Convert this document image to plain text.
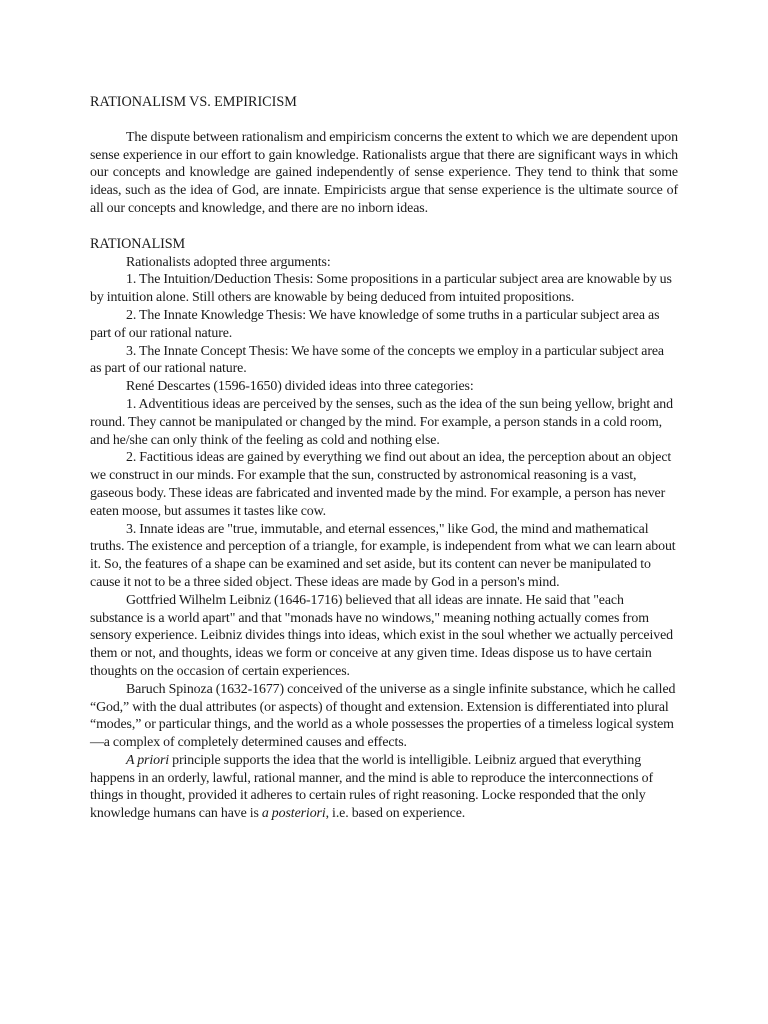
RATIONALISM VS. EMPIRICISM

The dispute between rationalism and empiricism concerns the extent to which we are dependent upon sense experience in our effort to gain knowledge. Rationalists argue that there are significant ways in which our concepts and knowledge are gained independently of sense experience. They tend to think that some ideas, such as the idea of God, are innate. Empiricists argue that sense experience is the ultimate source of all our concepts and knowledge, and there are no inborn ideas.

RATIONALISM

Rationalists adopted three arguments:

1. The Intuition/Deduction Thesis: Some propositions in a particular subject area are knowable by us by intuition alone. Still others are knowable by being deduced from intuited propositions.

2. The Innate Knowledge Thesis: We have knowledge of some truths in a particular subject area as part of our rational nature.

3. The Innate Concept Thesis: We have some of the concepts we employ in a particular subject area as part of our rational nature.

René Descartes (1596-1650) divided ideas into three categories:

1. Adventitious ideas are perceived by the senses, such as the idea of the sun being yellow, bright and round. They cannot be manipulated or changed by the mind. For example, a person stands in a cold room, and he/she can only think of the feeling as cold and nothing else.

2. Factitious ideas are gained by everything we find out about an idea, the perception about an object we construct in our minds. For example that the sun, constructed by astronomical reasoning is a vast, gaseous body. These ideas are fabricated and invented made by the mind. For example, a person has never eaten moose, but assumes it tastes like cow.

3. Innate ideas are "true, immutable, and eternal essences," like God, the mind and mathematical truths. The existence and perception of a triangle, for example, is independent from what we can learn about it. So, the features of a shape can be examined and set aside, but its content can never be manipulated to cause it not to be a three sided object. These ideas are made by God in a person's mind.

Gottfried Wilhelm Leibniz (1646-1716) believed that all ideas are innate. He said that "each substance is a world apart" and that "monads have no windows," meaning nothing actually comes from sensory experience. Leibniz divides things into ideas, which exist in the soul whether we actually perceived them or not, and thoughts, ideas we form or conceive at any given time. Ideas dispose us to have certain thoughts on the occasion of certain experiences.

Baruch Spinoza (1632-1677) conceived of the universe as a single infinite substance, which he called “God,” with the dual attributes (or aspects) of thought and extension. Extension is differentiated into plural “modes,” or particular things, and the world as a whole possesses the properties of a timeless logical system—a complex of completely determined causes and effects.

A priori principle supports the idea that the world is intelligible. Leibniz argued that everything happens in an orderly, lawful, rational manner, and the mind is able to reproduce the interconnections of things in thought, provided it adheres to certain rules of right reasoning. Locke responded that the only knowledge humans can have is a posteriori, i.e. based on experience.
